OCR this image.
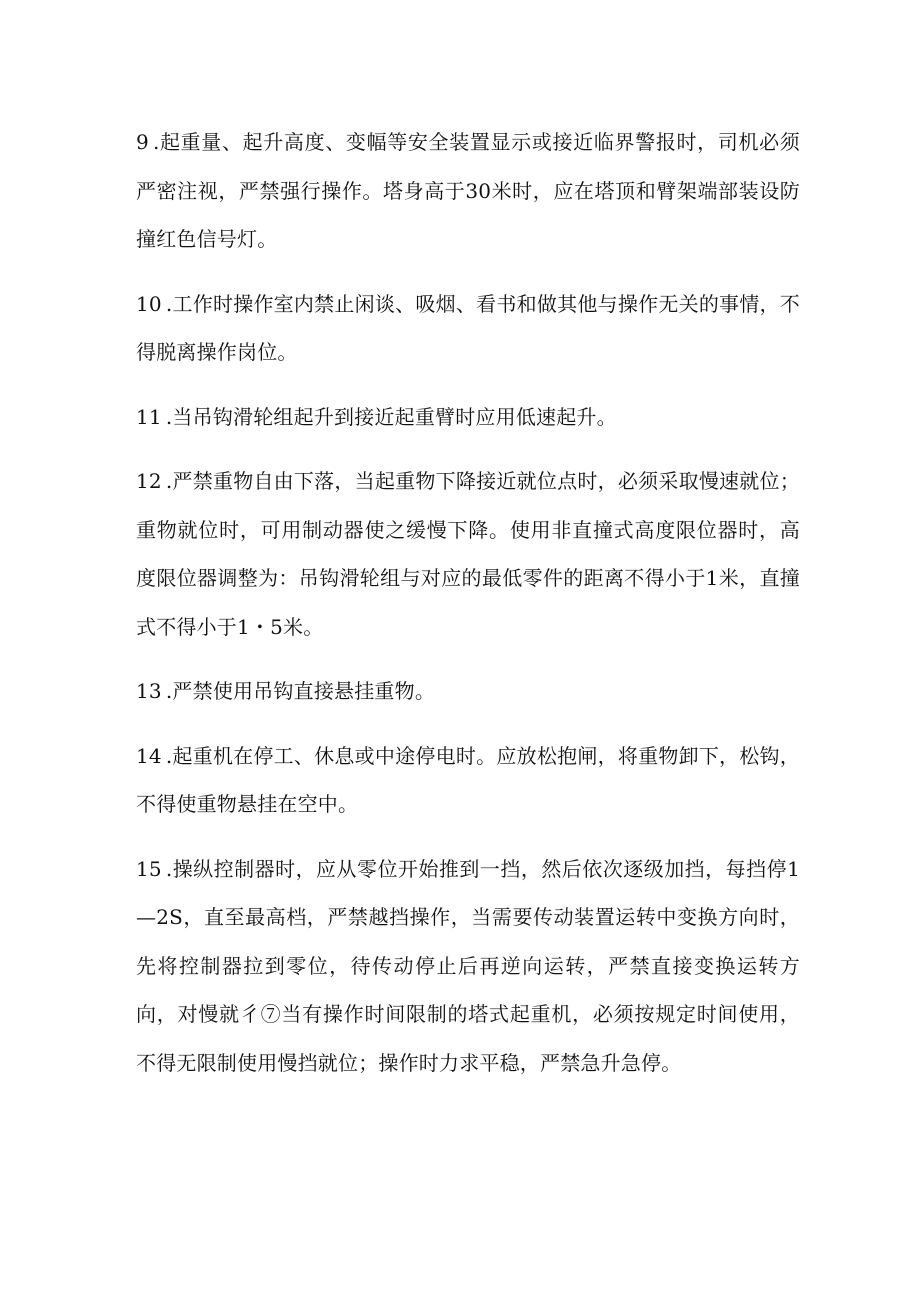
9 .起重量、起升高度、变幅等安全装置显示或接近临界警报时，司机必须严密注视，严禁强行操作。塔身高于30米时，应在塔顶和臂架端部装设防撞红色信号灯。

10 .工作时操作室内禁止闲谈、吸烟、看书和做其他与操作无关的事情，不得脱离操作岗位。

11 .当吊钩滑轮组起升到接近起重臂时应用低速起升。

12 .严禁重物自由下落，当起重物下降接近就位点时，必须采取慢速就位；重物就位时，可用制动器使之缓慢下降。使用非直撞式高度限位器时，高度限位器调整为：吊钩滑轮组与对应的最低零件的距离不得小于1米，直撞式不得小于1・5米。

13 .严禁使用吊钩直接悬挂重物。

14 .起重机在停工、休息或中途停电时。应放松抱闸，将重物卸下，松钩，不得使重物悬挂在空中。

15 .操纵控制器时，应从零位开始推到一挡，然后依次逐级加挡，每挡停1—2S，直至最高档，严禁越挡操作，当需要传动装置运转中变换方向时，先将控制器拉到零位，待传动停止后再逆向运转，严禁直接变换运转方向，对慢就彳⑦当有操作时间限制的塔式起重机，必须按规定时间使用，不得无限制使用慢挡就位；操作时力求平稳，严禁急升急停。
